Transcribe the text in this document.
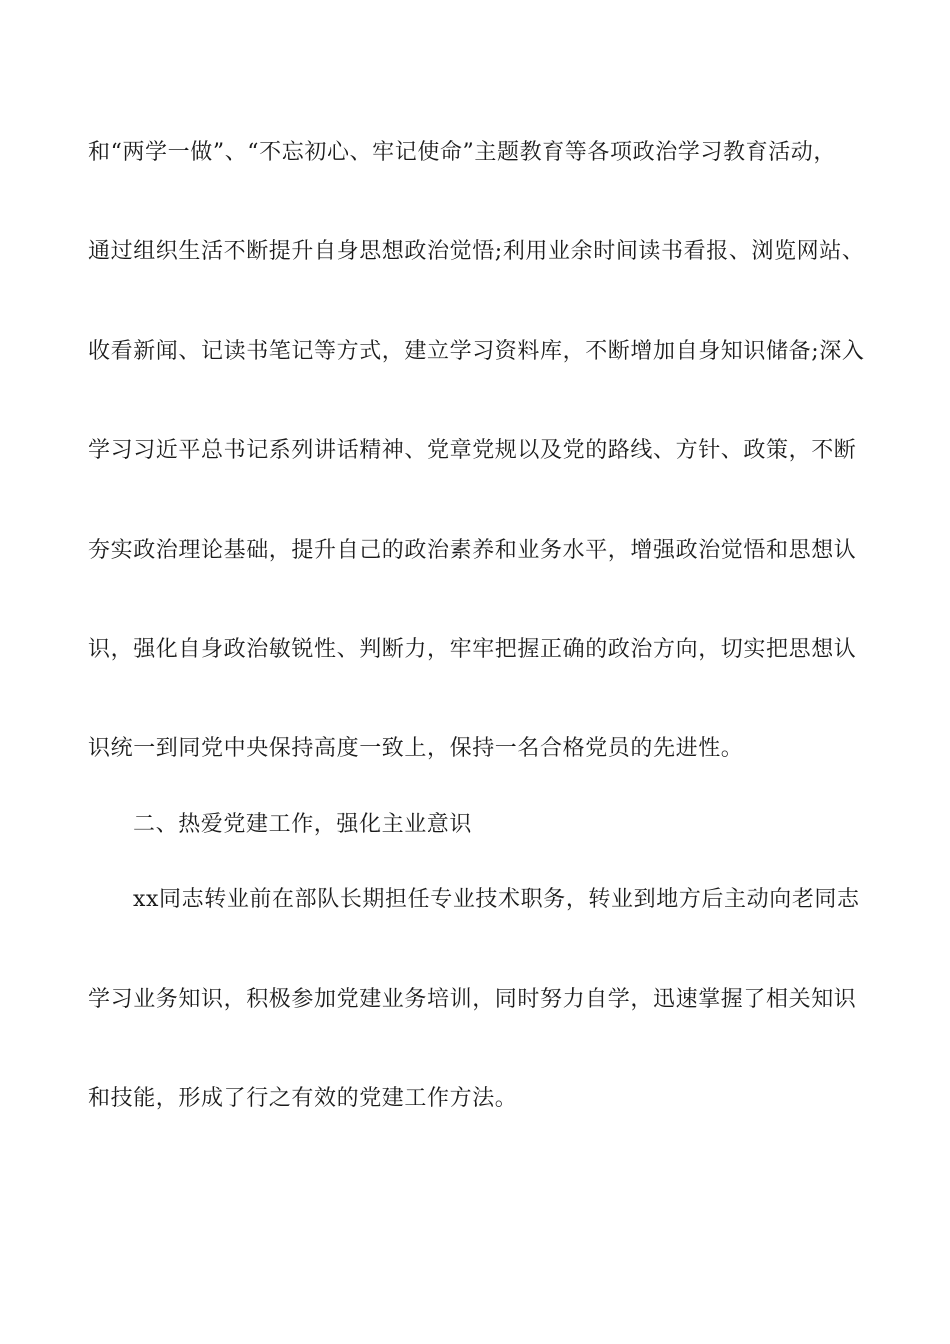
和“两学一做”、“不忘初心、牢记使命”主题教育等各项政治学习教育活动，
通过组织生活不断提升自身思想政治觉悟;利用业余时间读书看报、浏览网站、
收看新闻、记读书笔记等方式，建立学习资料库，不断增加自身知识储备;深入
学习习近平总书记系列讲话精神、党章党规以及党的路线、方针、政策，不断
夯实政治理论基础，提升自己的政治素养和业务水平，增强政治觉悟和思想认
识，强化自身政治敏锐性、判断力，牢牢把握正确的政治方向，切实把思想认
识统一到同党中央保持高度一致上，保持一名合格党员的先进性。
二、热爱党建工作，强化主业意识
xx同志转业前在部队长期担任专业技术职务，转业到地方后主动向老同志
学习业务知识，积极参加党建业务培训，同时努力自学，迅速掌握了相关知识
和技能，形成了行之有效的党建工作方法。
